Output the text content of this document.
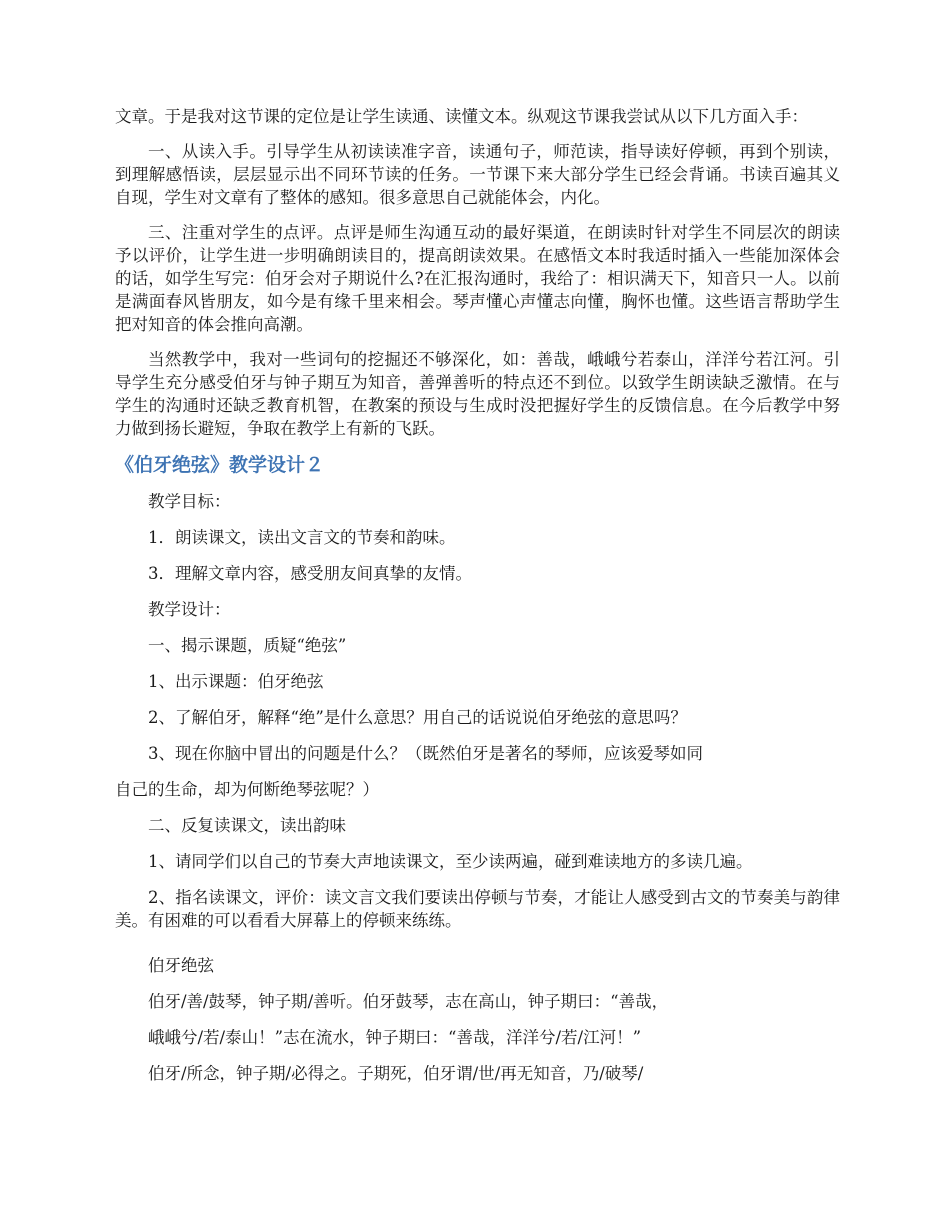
文章。于是我对这节课的定位是让学生读通、读懂文本。纵观这节课我尝试从以下几方面入手：

一、从读入手。引导学生从初读读准字音，读通句子，师范读，指导读好停顿，再到个别读，到理解感悟读，层层显示出不同环节读的任务。一节课下来大部分学生已经会背诵。书读百遍其义自现，学生对文章有了整体的感知。很多意思自己就能体会，内化。

三、注重对学生的点评。点评是师生沟通互动的最好渠道，在朗读时针对学生不同层次的朗读予以评价，让学生进一步明确朗读目的，提高朗读效果。在感悟文本时我适时插入一些能加深体会的话，如学生写完：伯牙会对子期说什么?在汇报沟通时，我给了：相识满天下，知音只一人。以前是满面春风皆朋友，如今是有缘千里来相会。琴声懂心声懂志向懂，胸怀也懂。这些语言帮助学生把对知音的体会推向高潮。

当然教学中，我对一些词句的挖掘还不够深化，如：善哉，峨峨兮若泰山，洋洋兮若江河。引导学生充分感受伯牙与钟子期互为知音，善弹善听的特点还不到位。以致学生朗读缺乏激情。在与学生的沟通时还缺乏教育机智，在教案的预设与生成时没把握好学生的反馈信息。在今后教学中努力做到扬长避短，争取在教学上有新的飞跃。

《伯牙绝弦》教学设计２
教学目标：
1．朗读课文，读出文言文的节奏和韵味。
3．理解文章内容，感受朋友间真挚的友情。
教学设计：
一、揭示课题，质疑“绝弦”
1、出示课题：伯牙绝弦
2、了解伯牙，解释“绝”是什么意思？用自己的话说说伯牙绝弦的意思吗？
3、现在你脑中冒出的问题是什么？（既然伯牙是著名的琴师，应该爱琴如同
自己的生命，却为何断绝琴弦呢？）
二、反复读课文，读出韵味
1、请同学们以自己的节奏大声地读课文，至少读两遍，碰到难读地方的多读几遍。

2、指名读课文，评价：读文言文我们要读出停顿与节奏，才能让人感受到古文的节奏美与韵律美。有困难的可以看看大屏幕上的停顿来练练。

伯牙绝弦
伯牙/善/鼓琴，钟子期/善听。伯牙鼓琴，志在高山，钟子期曰：“善哉，
峨峨兮/若/泰山！”志在流水，钟子期曰：“善哉，洋洋兮/若/江河！”
伯牙/所念，钟子期/必得之。子期死，伯牙谓/世/再无知音，乃/破琴/
